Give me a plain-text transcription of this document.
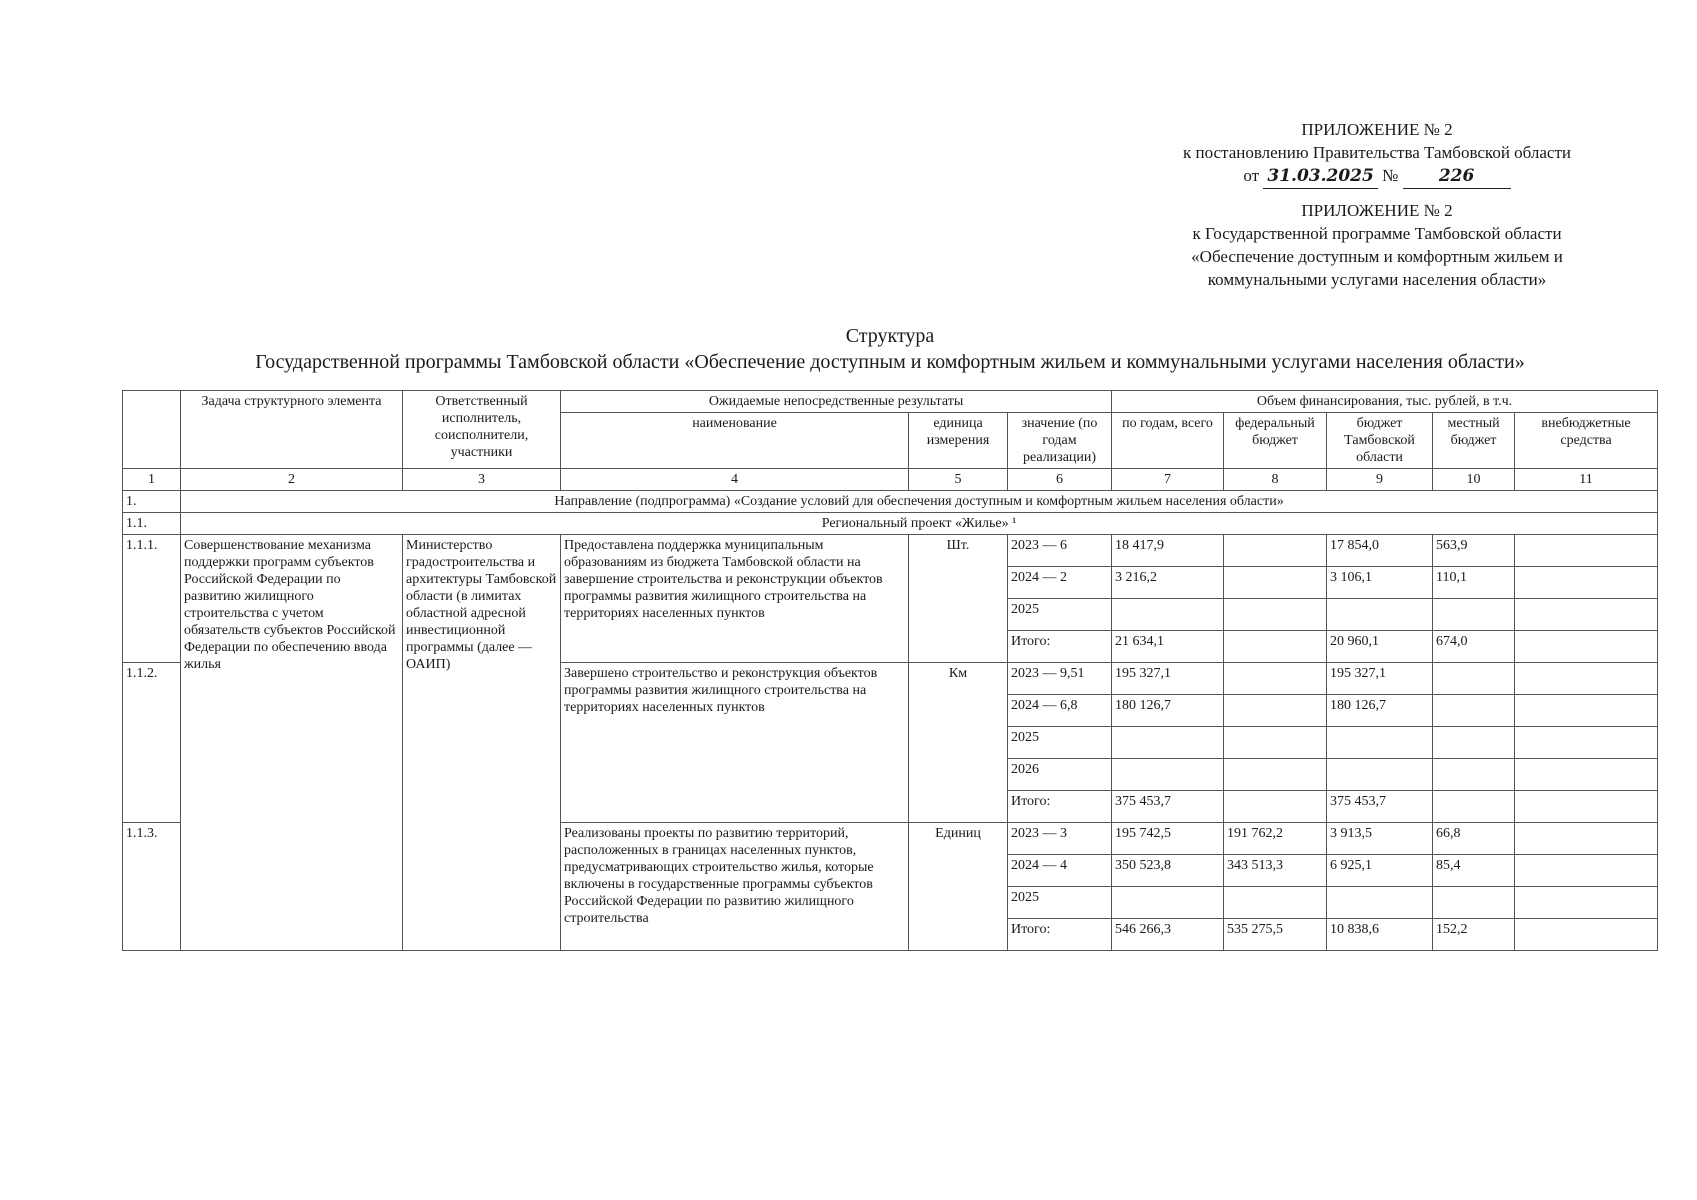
ПРИЛОЖЕНИЕ № 2
к постановлению Правительства Тамбовской области
от 31.03.2025 № 226
ПРИЛОЖЕНИЕ № 2
к Государственной программе Тамбовской области
«Обеспечение доступным и комфортным жильем и
коммунальными услугами населения области»
Структура
Государственной программы Тамбовской области «Обеспечение доступным и комфортным жильем и коммунальными услугами населения области»
	Задача структурного элемента	Ответственный исполнитель, соисполнители, участники	Ожидаемые непосредственные результаты			Объем финансирования, тыс. рублей, в т.ч.				
			наименование	единица измерения	значение (по годам реализации)	по годам, всего	федеральный бюджет	бюджет Тамбовской области	местный бюджет	внебюджетные средства
1	2	3	4	5	6	7	8	9	10	11
1.	Направление (подпрограмма) «Создание условий для обеспечения доступным и комфортным жильем населения области»									
1.1.	Региональный проект «Жилье» ¹									
1.1.1.	Совершенствование механизма поддержки программ субъектов Российской Федерации по развитию жилищного строительства с учетом обязательств субъектов Российской Федерации по обеспечению ввода жилья	Министерство градостроительства и архитектуры Тамбовской области (в лимитах областной адресной инвестиционной программы (далее — ОАИП)	Предоставлена поддержка муниципальным образованиям из бюджета Тамбовской области на завершение строительства и реконструкции объектов программы развития жилищного строительства на территориях населенных пунктов	Шт.	2023 — 6	18 417,9		17 854,0	563,9	
					2024 — 2	3 216,2		3 106,1	110,1	
					2025					
					Итого:	21 634,1		20 960,1	674,0	
1.1.2.			Завершено строительство и реконструкция объектов программы развития жилищного строительства на территориях населенных пунктов	Км	2023 — 9,51	195 327,1		195 327,1		
					2024 — 6,8	180 126,7		180 126,7		
					2025					
					2026					
					Итого:	375 453,7		375 453,7		
1.1.3.			Реализованы проекты по развитию территорий, расположенных в границах населенных пунктов, предусматривающих строительство жилья, которые включены в государственные программы субъектов Российской Федерации по развитию жилищного строительства	Единиц	2023 — 3	195 742,5	191 762,2	3 913,5	66,8	
					2024 — 4	350 523,8	343 513,3	6 925,1	85,4	
					2025					
					Итого:	546 266,3	535 275,5	10 838,6	152,2	
